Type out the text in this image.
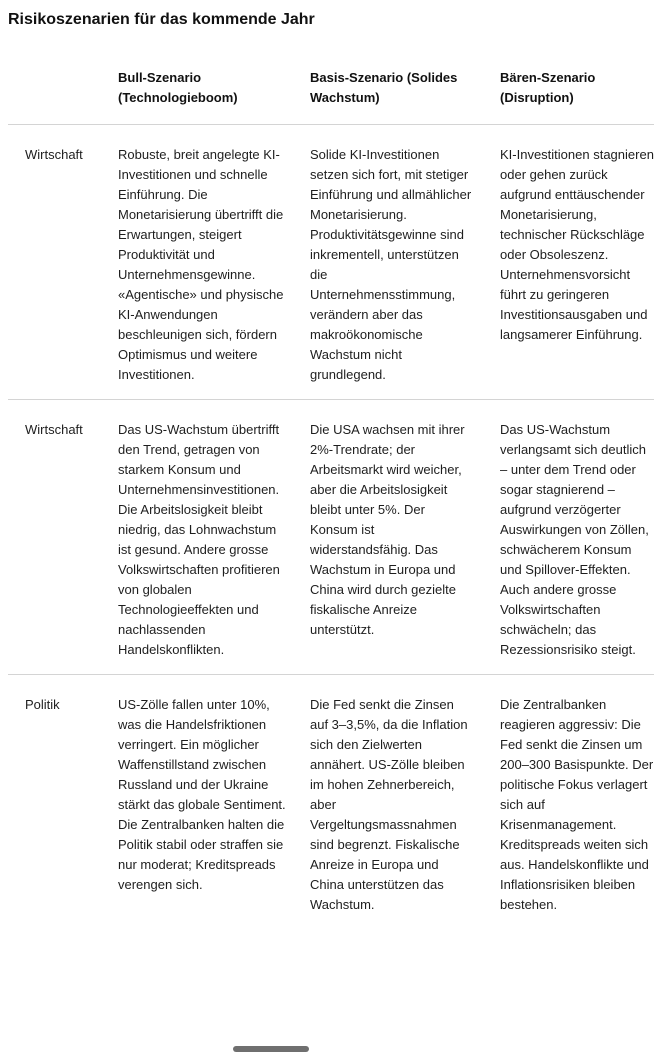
Risikoszenarien für das kommende Jahr
	Bull-Szenario (Technologieboom)	Basis-Szenario (Solides Wachstum)	Bären-Szenario (Disruption)
Wirtschaft	Robuste, breit angelegte KI-Investitionen und schnelle Einführung. Die Monetarisierung übertrifft die Erwartungen, steigert Produktivität und Unternehmensgewinne. «Agentische» und physische KI-Anwendungen beschleunigen sich, fördern Optimismus und weitere Investitionen.	Solide KI-Investitionen setzen sich fort, mit stetiger Einführung und allmählicher Monetarisierung. Produktivitätsgewinne sind inkrementell, unterstützen die Unternehmensstimmung, verändern aber das makroökonomische Wachstum nicht grundlegend.	KI-Investitionen stagnieren oder gehen zurück aufgrund enttäuschender Monetarisierung, technischer Rückschläge oder Obsoleszenz. Unternehmensvorsicht führt zu geringeren Investitionsausgaben und langsamerer Einführung.
Wirtschaft	Das US-Wachstum übertrifft den Trend, getragen von starkem Konsum und Unternehmensinvestitionen. Die Arbeitslosigkeit bleibt niedrig, das Lohnwachstum ist gesund. Andere grosse Volkswirtschaften profitieren von globalen Technologieeffekten und nachlassenden Handelskonflikten.	Die USA wachsen mit ihrer 2%-Trendrate; der Arbeitsmarkt wird weicher, aber die Arbeitslosigkeit bleibt unter 5%. Der Konsum ist widerstandsfähig. Das Wachstum in Europa und China wird durch gezielte fiskalische Anreize unterstützt.	Das US-Wachstum verlangsamt sich deutlich – unter dem Trend oder sogar stagnierend – aufgrund verzögerter Auswirkungen von Zöllen, schwächerem Konsum und Spillover-Effekten. Auch andere grosse Volkswirtschaften schwächeln; das Rezessionsrisiko steigt.
Politik	US-Zölle fallen unter 10%, was die Handelsfriktionen verringert. Ein möglicher Waffenstillstand zwischen Russland und der Ukraine stärkt das globale Sentiment. Die Zentralbanken halten die Politik stabil oder straffen sie nur moderat; Kreditspreads verengen sich.	Die Fed senkt die Zinsen auf 3–3,5%, da die Inflation sich den Zielwerten annähert. US-Zölle bleiben im hohen Zehnerbereich, aber Vergeltungsmassnahmen sind begrenzt. Fiskalische Anreize in Europa und China unterstützen das Wachstum.	Die Zentralbanken reagieren aggressiv: Die Fed senkt die Zinsen um 200–300 Basispunkte. Der politische Fokus verlagert sich auf Krisenmanagement. Kreditspreads weiten sich aus. Handelskonflikte und Inflationsrisiken bleiben bestehen.
